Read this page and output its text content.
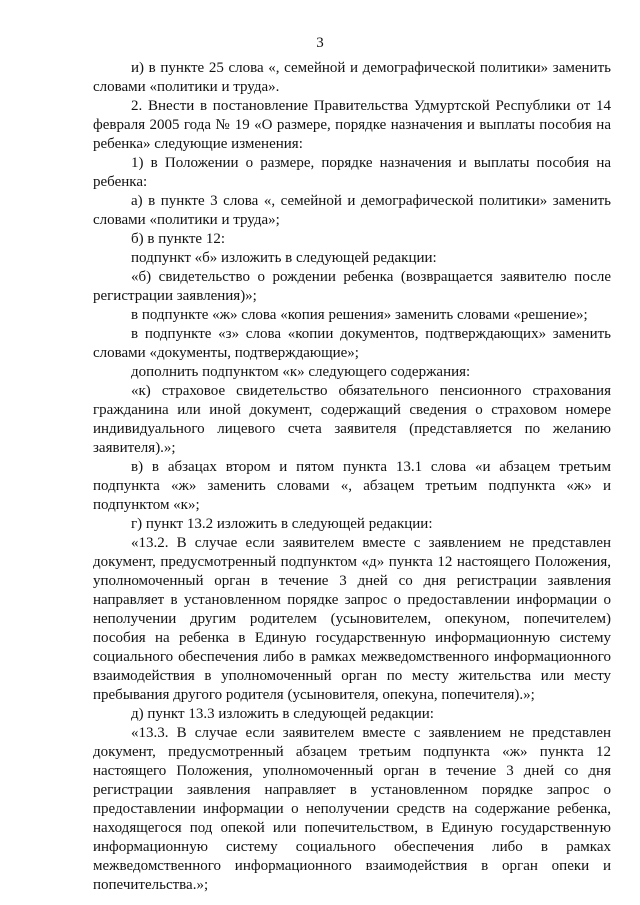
3

и) в пункте 25 слова «, семейной и демографической политики» заменить словами «политики и труда».

2. Внести в постановление Правительства Удмуртской Республики от 14 февраля 2005 года № 19 «О размере, порядке назначения и выплаты пособия на ребенка» следующие изменения:

1) в Положении о размере, порядке назначения и выплаты пособия на ребенка:

а) в пункте 3 слова «, семейной и демографической политики» заменить словами «политики и труда»;

б) в пункте 12:

подпункт «б» изложить в следующей редакции:

«б) свидетельство о рождении ребенка (возвращается заявителю после регистрации заявления)»;

в подпункте «ж» слова «копия решения» заменить словами «решение»;

в подпункте «з» слова «копии документов, подтверждающих» заменить словами «документы, подтверждающие»;

дополнить подпунктом «к» следующего содержания:

«к) страховое свидетельство обязательного пенсионного страхования гражданина или иной документ, содержащий сведения о страховом номере индивидуального лицевого счета заявителя (представляется по желанию заявителя).»;

в) в абзацах втором и пятом пункта 13.1 слова «и абзацем третьим подпункта «ж» заменить словами «, абзацем третьим подпункта «ж» и подпунктом «к»;

г) пункт 13.2 изложить в следующей редакции:

«13.2. В случае если заявителем вместе с заявлением не представлен документ, предусмотренный подпунктом «д» пункта 12 настоящего Положения, уполномоченный орган в течение 3 дней со дня регистрации заявления направляет в установленном порядке запрос о предоставлении информации о неполучении другим родителем (усыновителем, опекуном, попечителем) пособия на ребенка в Единую государственную информационную систему социального обеспечения либо в рамках межведомственного информационного взаимодействия в уполномоченный орган по месту жительства или месту пребывания другого родителя (усыновителя, опекуна, попечителя).»;

д) пункт 13.3 изложить в следующей редакции:

«13.3. В случае если заявителем вместе с заявлением не представлен документ, предусмотренный абзацем третьим подпункта «ж» пункта 12 настоящего Положения, уполномоченный орган в течение 3 дней со дня регистрации заявления направляет в установленном порядке запрос о предоставлении информации о неполучении средств на содержание ребенка, находящегося под опекой или попечительством, в Единую государственную информационную систему социального обеспечения либо в рамках межведомственного информационного взаимодействия в орган опеки и попечительства.»;
